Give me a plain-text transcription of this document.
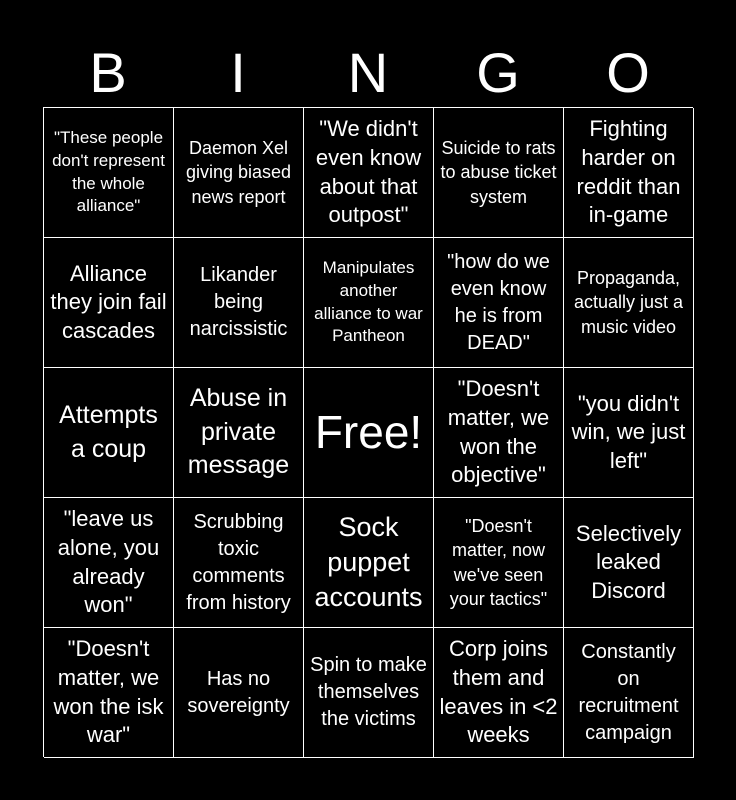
B	I	N	G	O
"These people don't represent the whole alliance"
Daemon Xel giving biased news report
"We didn't even know about that outpost"
Suicide to rats to abuse ticket system
Fighting harder on reddit than in-game
Alliance they join fail cascades
Likander being narcissistic
Manipulates another alliance to war Pantheon
"how do we even know he is from DEAD"
Propaganda, actually just a music video
Attempts a coup
Abuse in private message
Free!
"Doesn't matter, we won the objective"
"you didn't win, we just left"
"leave us alone, you already won"
Scrubbing toxic comments from history
Sock puppet accounts
"Doesn't matter, now we've seen your tactics"
Selectively leaked Discord
"Doesn't matter, we won the isk war"
Has no sovereignty
Spin to make themselves the victims
Corp joins them and leaves in <2 weeks
Constantly on recruitment campaign
